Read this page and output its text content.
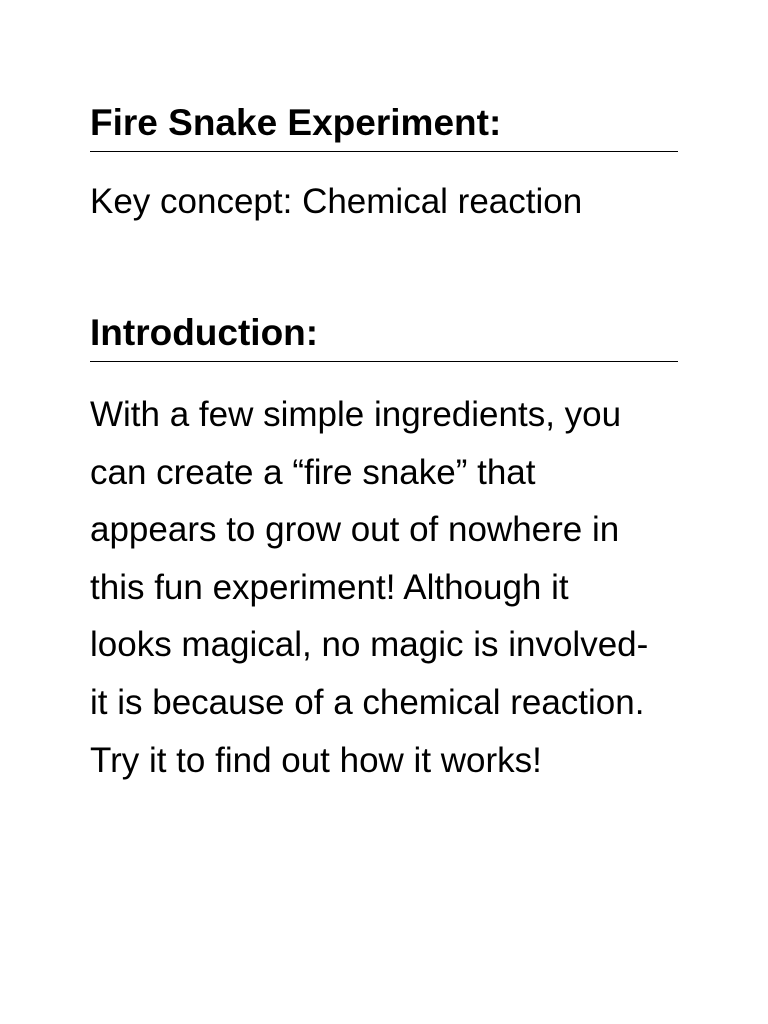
Fire Snake Experiment:

Key concept: Chemical reaction

Introduction:
With a few simple ingredients, you
can create a “fire snake” that
appears to grow out of nowhere in
this fun experiment! Although it
looks magical, no magic is involved-
it is because of a chemical reaction.
Try it to find out how it works!
